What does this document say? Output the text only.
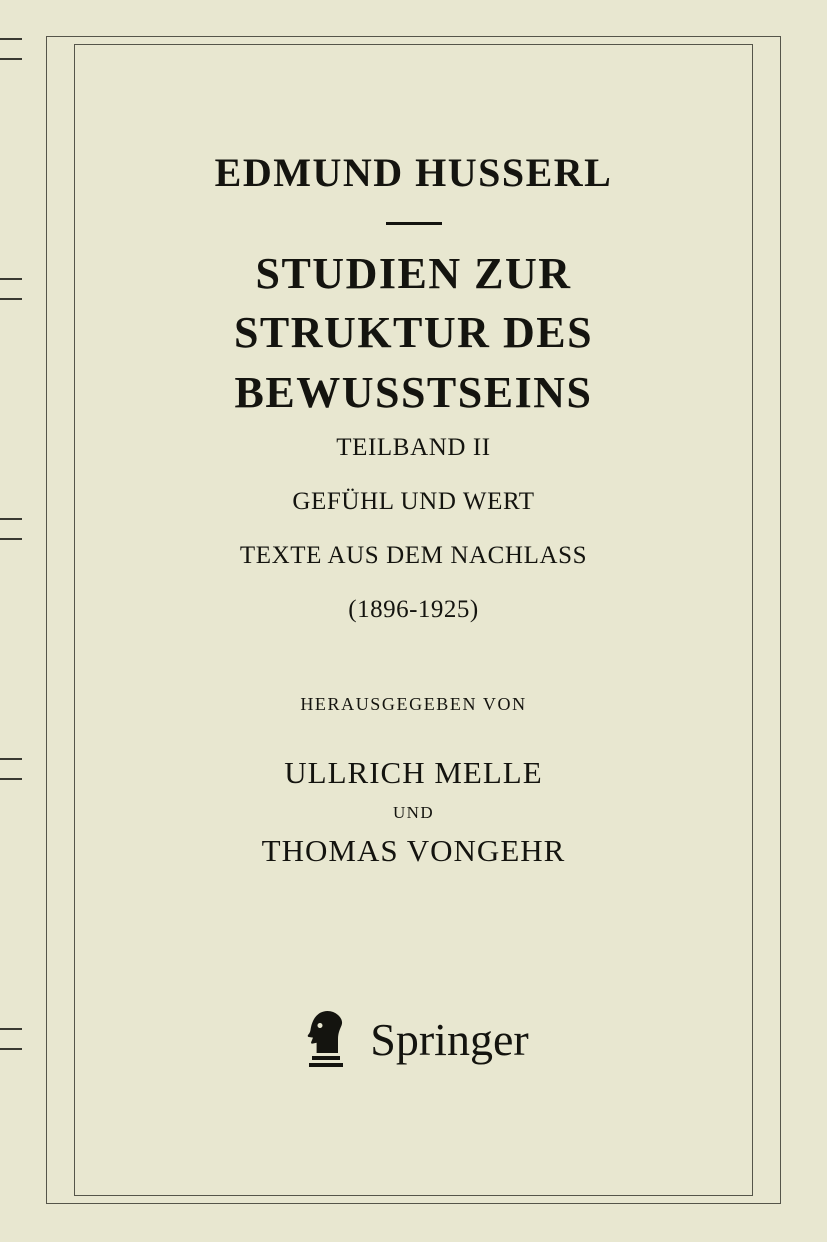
EDMUND HUSSERL
STUDIEN ZUR
STRUKTUR DES BEWUSSTSEINS
TEILBAND II
GEFÜHL UND WERT
TEXTE AUS DEM NACHLASS
(1896-1925)
HERAUSGEGEBEN VON
ULLRICH MELLE
UND
THOMAS VONGEHR
Springer
